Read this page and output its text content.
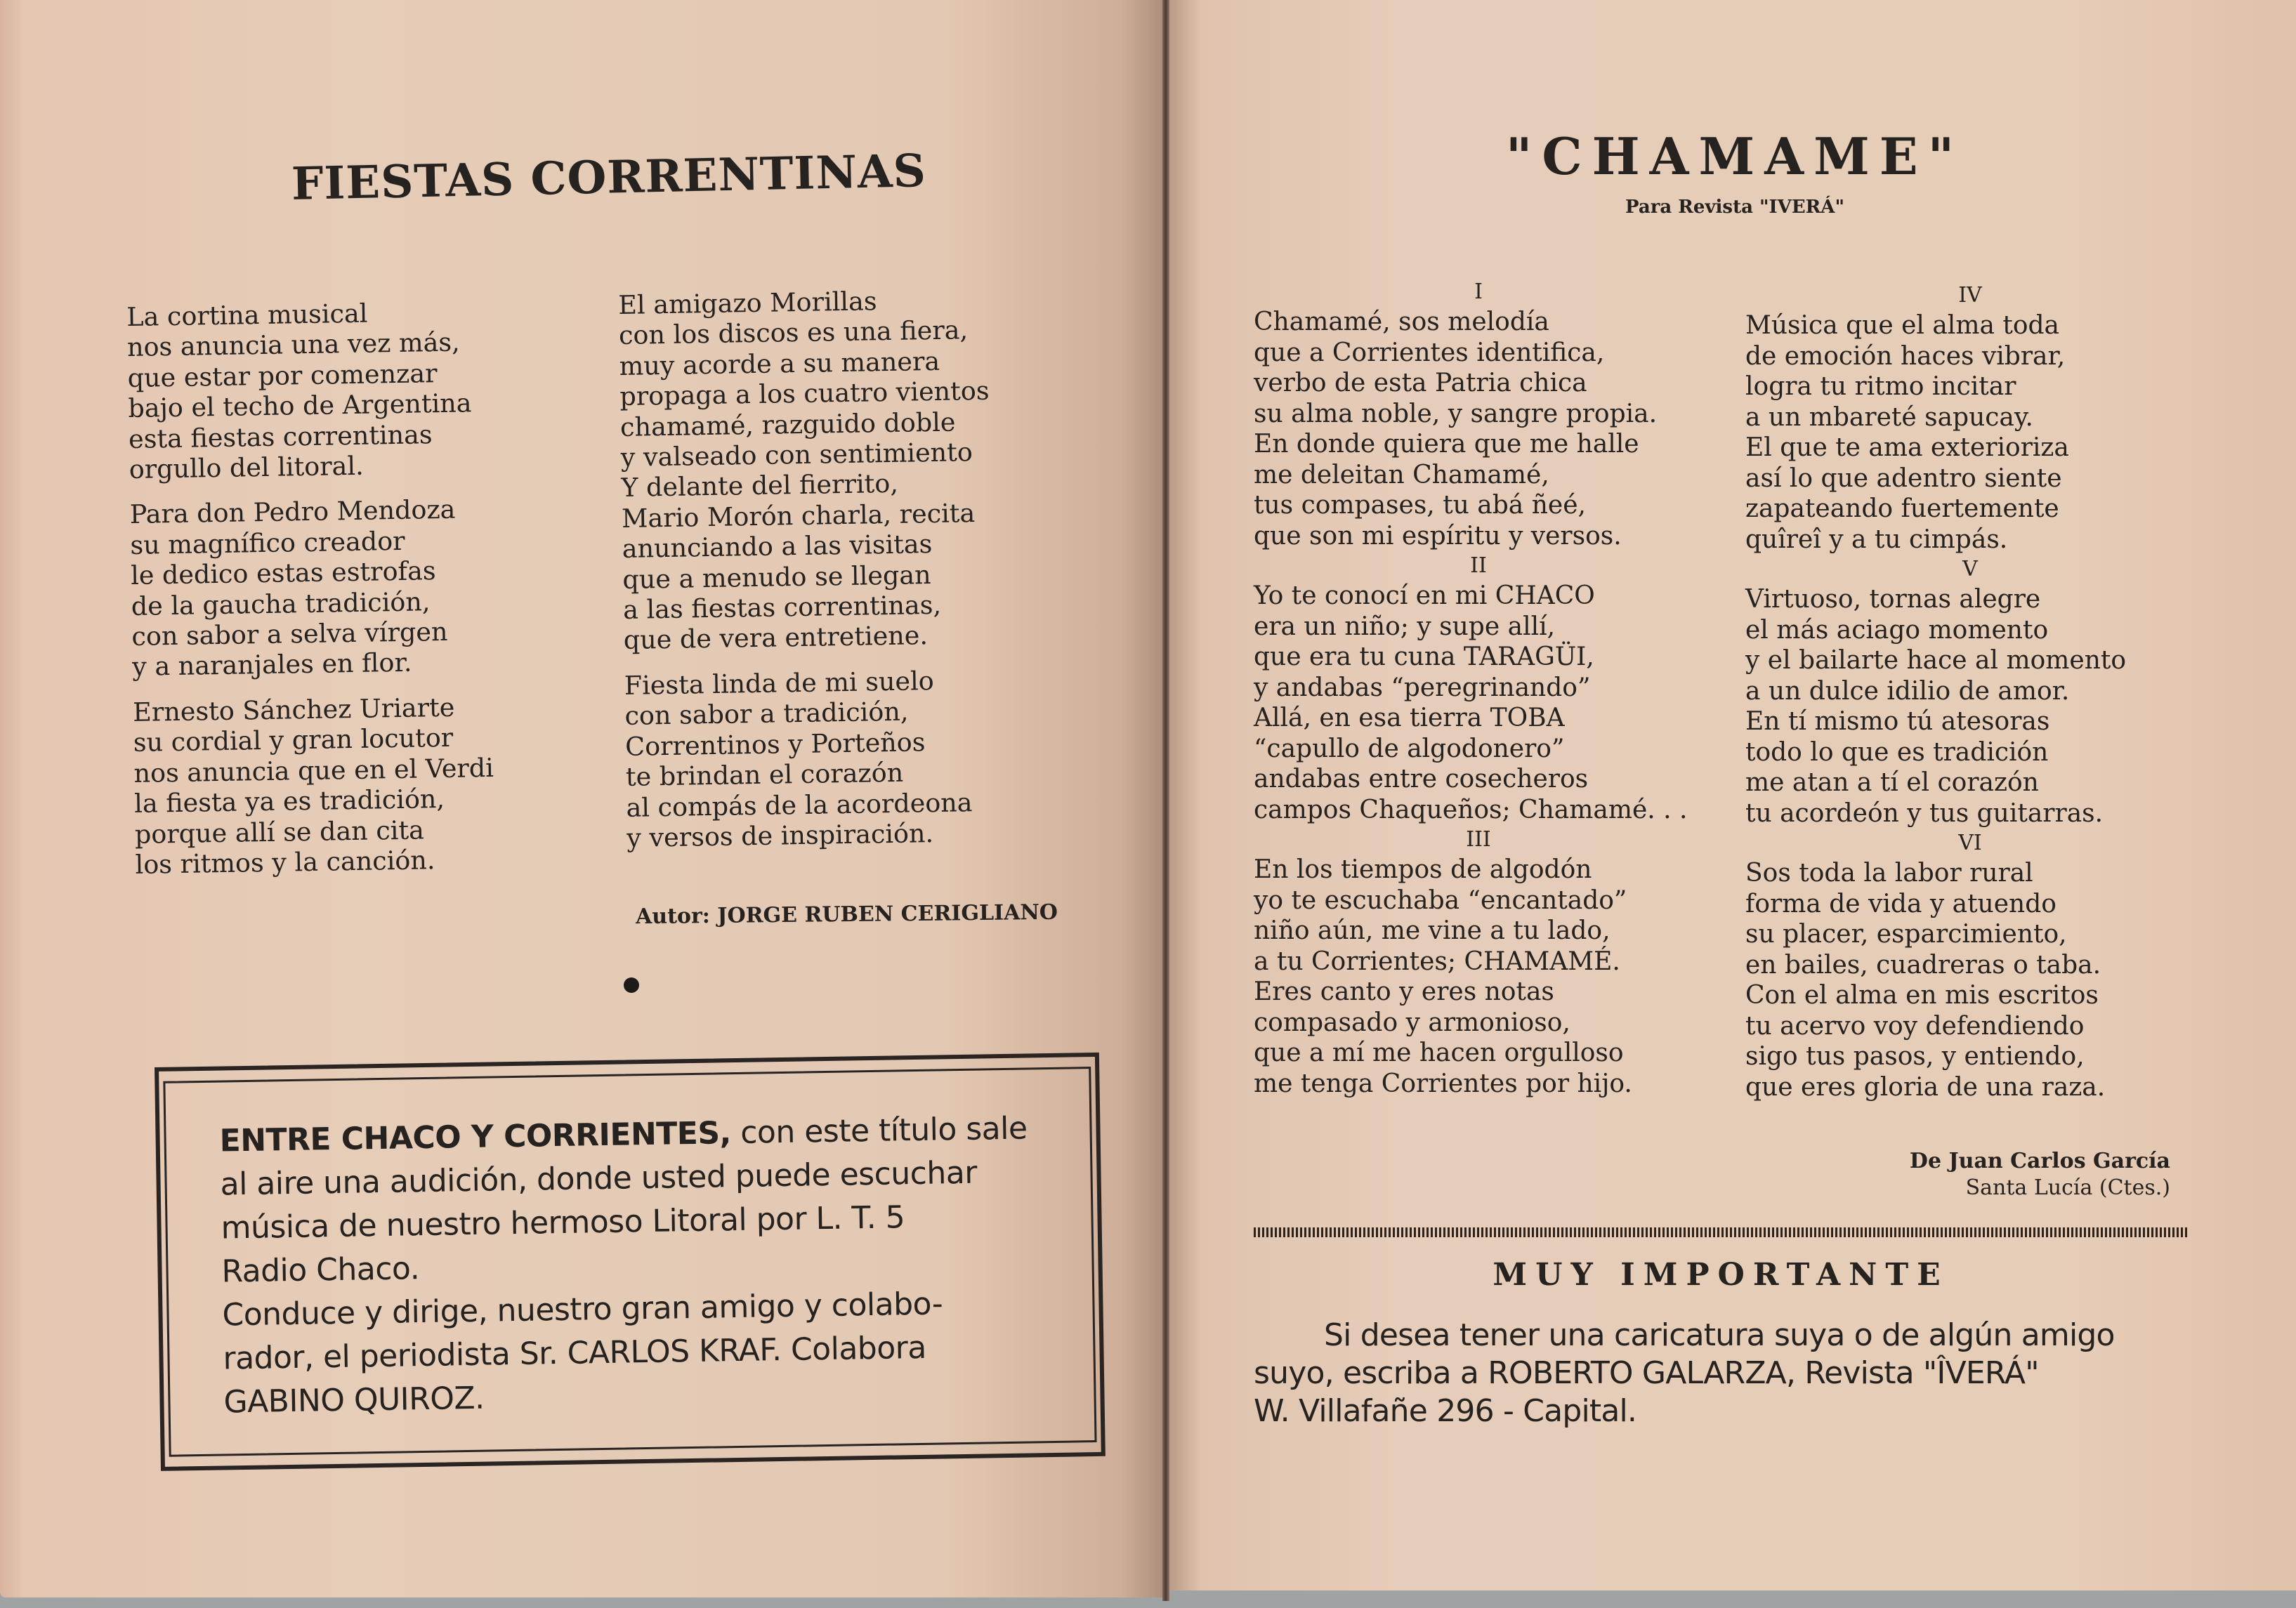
FIESTAS CORRENTINAS
La cortina musical
nos anuncia una vez más,
que estar por comenzar
bajo el techo de Argentina
esta fiestas correntinas
orgullo del litoral.
Para don Pedro Mendoza
su magnífico creador
le dedico estas estrofas
de la gaucha tradición,
con sabor a selva vírgen
y a naranjales en flor.
Ernesto Sánchez Uriarte
su cordial y gran locutor
nos anuncia que en el Verdi
la fiesta ya es tradición,
porque allí se dan cita
los ritmos y la canción.
El amigazo Morillas
con los discos es una fiera,
muy acorde a su manera
propaga a los cuatro vientos
chamamé, razguido doble
y valseado con sentimiento
Y delante del fierrito,
Mario Morón charla, recita
anunciando a las visitas
que a menudo se llegan
a las fiestas correntinas,
que de vera entretiene.
Fiesta linda de mi suelo
con sabor a tradición,
Correntinos y Porteños
te brindan el corazón
al compás de la acordeona
y versos de inspiración.
Autor: JORGE RUBEN CERIGLIANO
ENTRE CHACO Y CORRIENTES, con este título sale
al aire una audición, donde usted puede escuchar
música de nuestro hermoso Litoral por L. T. 5
Radio Chaco.
Conduce y dirige, nuestro gran amigo y colabo-
rador, el periodista Sr. CARLOS KRAF. Colabora
GABINO QUIROZ.
"CHAMAME"
Para Revista "IVERÁ"
I
Chamamé, sos melodía
que a Corrientes identifica,
verbo de esta Patria chica
su alma noble, y sangre propia.
En donde quiera que me halle
me deleitan Chamamé,
tus compases, tu abá ñeé,
que son mi espíritu y versos.
II
Yo te conocí en mi CHACO
era un niño; y supe allí,
que era tu cuna TARAGÜI,
y andabas “peregrinando”
Allá, en esa tierra TOBA
“capullo de algodonero”
andabas entre cosecheros
campos Chaqueños; Chamamé. . .
III
En los tiempos de algodón
yo te escuchaba “encantado”
niño aún, me vine a tu lado,
a tu Corrientes; CHAMAMÉ.
Eres canto y eres notas
compasado y armonioso,
que a mí me hacen orgulloso
me tenga Corrientes por hijo.
IV
Música que el alma toda
de emoción haces vibrar,
logra tu ritmo incitar
a un mbareté sapucay.
El que te ama exterioriza
así lo que adentro siente
zapateando fuertemente
quîreî y a tu cimpás.
V
Virtuoso, tornas alegre
el más aciago momento
y el bailarte hace al momento
a un dulce idilio de amor.
En tí mismo tú atesoras
todo lo que es tradición
me atan a tí el corazón
tu acordeón y tus guitarras.
VI
Sos toda la labor rural
forma de vida y atuendo
su placer, esparcimiento,
en bailes, cuadreras o taba.
Con el alma en mis escritos
tu acervo voy defendiendo
sigo tus pasos, y entiendo,
que eres gloria de una raza.
De Juan Carlos García
Santa Lucía (Ctes.)
MUY IMPORTANTE
Si desea tener una caricatura suya o de algún amigo
suyo, escriba a ROBERTO GALARZA, Revista "ÎVERÁ"
W. Villafañe 296 - Capital.
